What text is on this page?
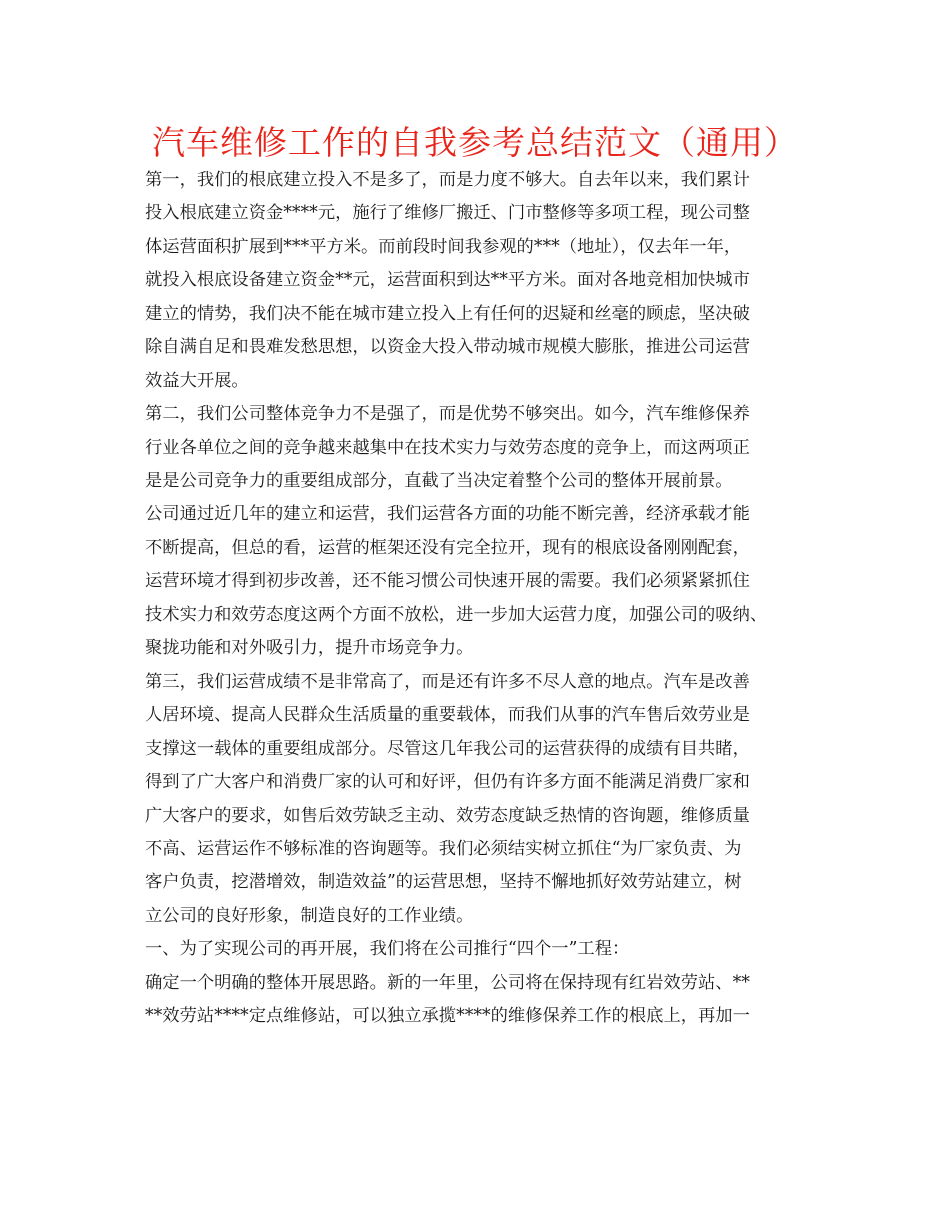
汽车维修工作的自我参考总结范文（通用）
第一，我们的根底建立投入不是多了，而是力度不够大。自去年以来，我们累计
投入根底建立资金****元，施行了维修厂搬迁、门市整修等多项工程，现公司整
体运营面积扩展到***平方米。而前段时间我参观的***（地址），仅去年一年，
就投入根底设备建立资金**元，运营面积到达**平方米。面对各地竞相加快城市
建立的情势，我们决不能在城市建立投入上有任何的迟疑和丝毫的顾虑，坚决破
除自满自足和畏难发愁思想，以资金大投入带动城市规模大膨胀，推进公司运营
效益大开展。
第二，我们公司整体竞争力不是强了，而是优势不够突出。如今，汽车维修保养
行业各单位之间的竞争越来越集中在技术实力与效劳态度的竞争上，而这两项正
是是公司竞争力的重要组成部分，直截了当决定着整个公司的整体开展前景。
公司通过近几年的建立和运营，我们运营各方面的功能不断完善，经济承载才能
不断提高，但总的看，运营的框架还没有完全拉开，现有的根底设备刚刚配套，
运营环境才得到初步改善，还不能习惯公司快速开展的需要。我们必须紧紧抓住
技术实力和效劳态度这两个方面不放松，进一步加大运营力度，加强公司的吸纳、
聚拢功能和对外吸引力，提升市场竞争力。
第三，我们运营成绩不是非常高了，而是还有许多不尽人意的地点。汽车是改善
人居环境、提高人民群众生活质量的重要载体，而我们从事的汽车售后效劳业是
支撑这一载体的重要组成部分。尽管这几年我公司的运营获得的成绩有目共睹，
得到了广大客户和消费厂家的认可和好评，但仍有许多方面不能满足消费厂家和
广大客户的要求，如售后效劳缺乏主动、效劳态度缺乏热情的咨询题，维修质量
不高、运营运作不够标准的咨询题等。我们必须结实树立抓住“为厂家负责、为
客户负责，挖潜增效，制造效益”的运营思想，坚持不懈地抓好效劳站建立，树
立公司的良好形象，制造良好的工作业绩。
一、为了实现公司的再开展，我们将在公司推行“四个一”工程：
确定一个明确的整体开展思路。新的一年里，公司将在保持现有红岩效劳站、**
**效劳站****定点维修站，可以独立承揽****的维修保养工作的根底上，再加一
